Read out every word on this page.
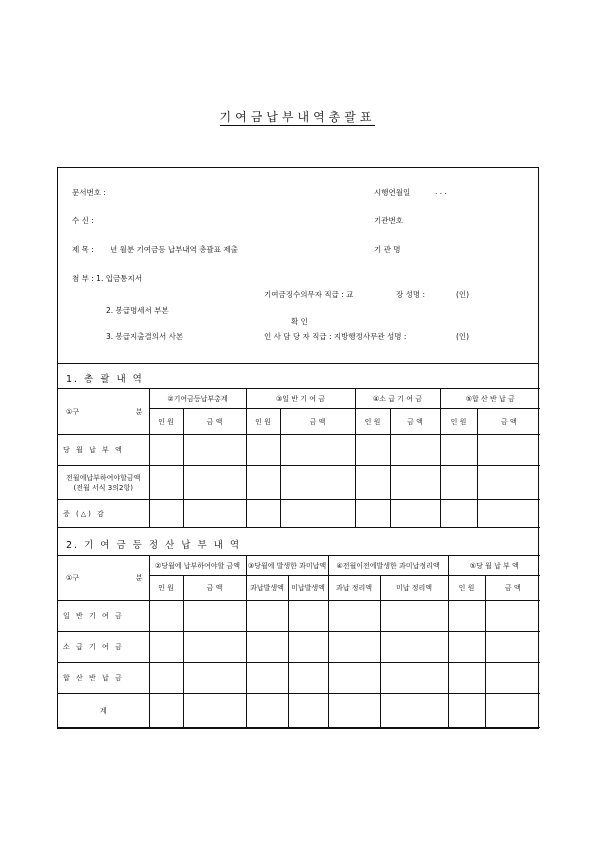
기여금납부내역총괄표
문서번호 :	시행연월일	. . .
수 신 :	기관번호
제 목 : 년 월분 기여금등 납부내역 총괄표 제출	기 관 명
첨 부 : 1. 입금통지서
기여금징수의무자 직급 : 교	장 성명 :	(인)
2. 봉급명세서 부본
확 인
3. 봉급지출결의서 사본	인 사 담 당 자 직급 : 지방행정사무관 성명 :	(인)
1. 총 괄 내 역
①구 분	②기여금등납부총계		③일 반 기 여 금		④소 급 기 여 금		⑤합 산 반 납 금	
	인 원	금 액	인 원	금 액	인 원	금 액	인 원	금 액
당 월 납 부 액								

전월에납부하여야할금액
(전월 서식 3의2항)								

증 (△) 감								
2. 기 여 금 등 정 산 납 부 내 역
①구 분	②당월에 납부하여야할 금액		③당월에 발생한 과미납액		④전월이전에발생한 과미납정리액		⑤당 월 납 부 액	
	인 원	금 액	과납발생액	미납발생액	과납 정리액	미납 정리액	인 원	금 액
일 반 기 여 금								
소 급 기 여 금								
합 산 반 납 금								
계								
